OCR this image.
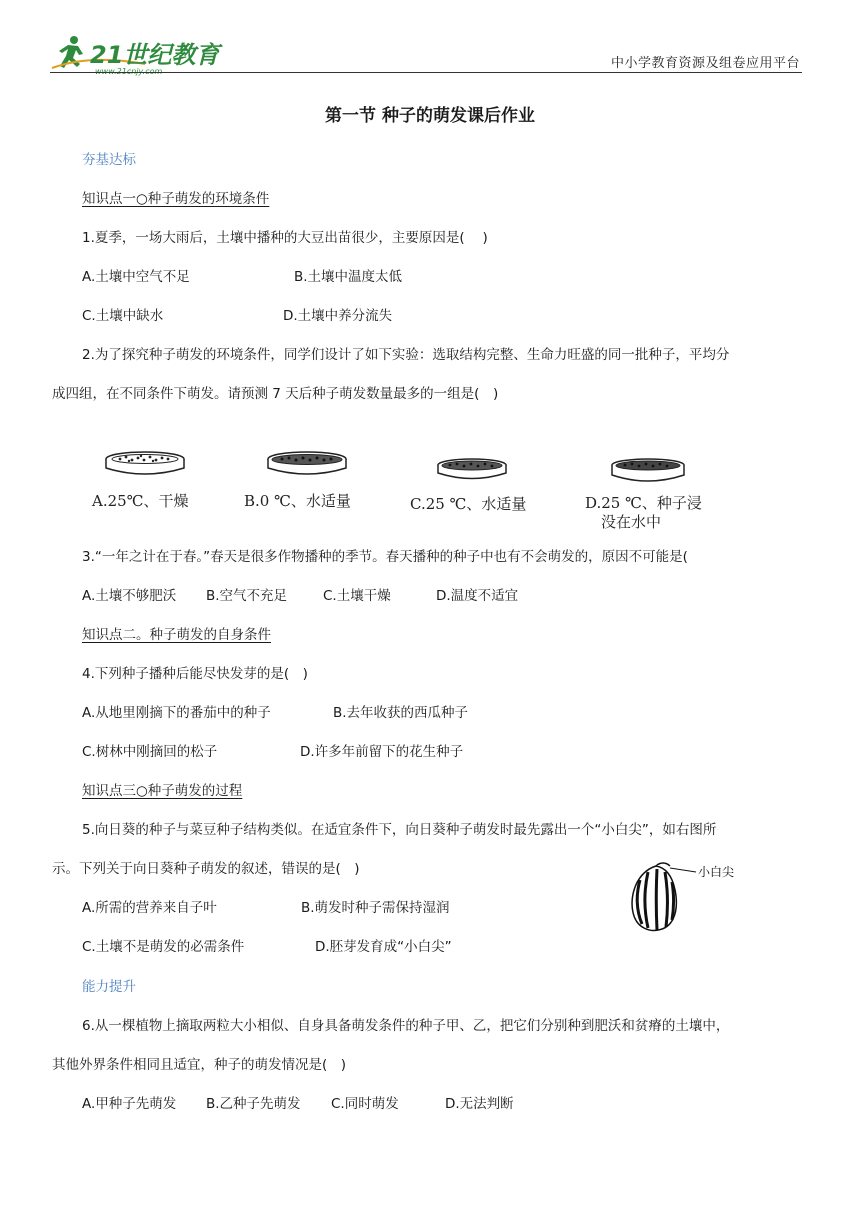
21世纪教育	中小学教育资源及组卷应用平台
第一节 种子的萌发课后作业
夯基达标
知识点一○种子萌发的环境条件
1.夏季，一场大雨后，土壤中播种的大豆出苗很少，主要原因是(　 )
A.土壤中空气不足	B.土壤中温度太低
C.土壤中缺水	D.土壤中养分流失
2.为了探究种子萌发的环境条件，同学们设计了如下实验：选取结构完整、生命力旺盛的同一批种子，平均分
成四组，在不同条件下萌发。请预测 7 天后种子萌发数量最多的一组是(　)
A.25℃、干燥	B.0 ℃、水适量	C.25 ℃、水适量	D.25 ℃、种子浸
没在水中
3.“一年之计在于春。”春天是很多作物播种的季节。春天播种的种子中也有不会萌发的，原因不可能是(
A.土壤不够肥沃 B.空气不充足	C.土壤干燥	D.温度不适宜
知识点二。种子萌发的自身条件
4.下列种子播种后能尽快发芽的是(　)
A.从地里刚摘下的番茄中的种子	B.去年收获的西瓜种子
C.树林中刚摘回的松子	D.许多年前留下的花生种子
知识点三○种子萌发的过程
5.向日葵的种子与菜豆种子结构类似。在适宜条件下，向日葵种子萌发时最先露出一个“小白尖”，如右图所
示。下列关于向日葵种子萌发的叙述，错误的是(　)
A.所需的营养来自子叶	B.萌发时种子需保持湿润
C.土壤不是萌发的必需条件	D.胚芽发育成“小白尖”
小白尖
能力提升
6.从一棵植物上摘取两粒大小相似、自身具备萌发条件的种子甲、乙，把它们分别种到肥沃和贫瘠的土壤中，
其他外界条件相同且适宜，种子的萌发情况是(　)
A.甲种子先萌发 B.乙种子先萌发 C.同时萌发	D.无法判断
